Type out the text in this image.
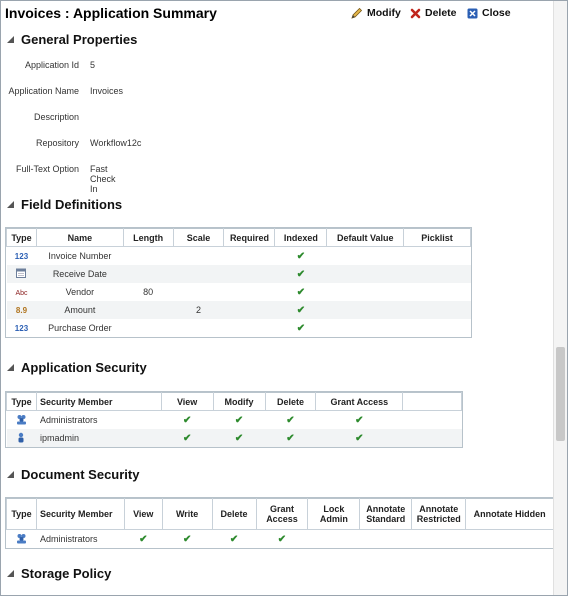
Invoices : Application Summary	Modify Delete Close
General Properties
Application Id 5
Application Name Invoices
Description
Repository Workflow12c
Full-Text Option Fast Check In
Field Definitions
Type	Name	Length	Scale	Required	Indexed	Default Value	Picklist
123	Invoice Number				✔		
	Receive Date				✔		
Abc	Vendor	80			✔		
8.9	Amount		2		✔		
123	Purchase Order				✔		
Application Security
Type	Security Member	View	Modify	Delete	Grant Access	
	Administrators	✔	✔	✔	✔	
	ipmadmin	✔	✔	✔	✔	
Document Security
Type	Security Member	View	Write	Delete	Grant Access	Lock Admin	Annotate Standard	Annotate Restricted	Annotate Hidden
	Administrators	✔	✔	✔	✔				
Storage Policy
